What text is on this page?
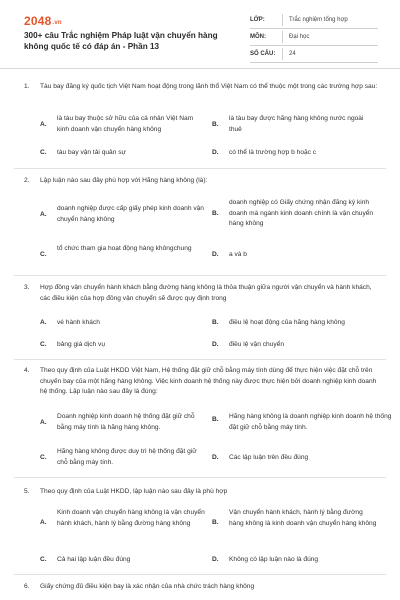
2048.vn
300+ câu Trắc nghiệm Pháp luật vận chuyển hàng không quốc tế có đáp án - Phần 13
LỚP:	Trắc nghiệm tổng hợp
MÔN:	Đại học
SỐ CÂU:	24
1. Tàu bay đăng ký quốc tịch Việt Nam hoạt động trong lãnh thổ Việt Nam có thể thuộc một trong các trường hợp sau:
A.
là tàu bay thuộc sở hữu của cá nhân Việt Nam kinh doanh vận chuyển hàng không
B.
là tàu bay được hãng hàng không nước ngoài thuê
C. tàu bay vận tải quân sự	D. có thể là trường hợp b hoặc c
2. Lập luận nào sau đây phù hợp với Hãng hàng không (là):
A.
doanh nghiệp được cấp giấy phép kinh doanh vận chuyển hàng không
B.
doanh nghiệp có Giấy chứng nhận đăng ký kinh doanh mà ngành kinh doanh chính là vận chuyển hàng không
C.
tổ chức tham gia hoạt động hàng khôngchung
D. a và b
3. Hợp đồng vận chuyển hành khách bằng đường hàng không là thỏa thuận giữa người vận chuyển và hành khách, các điều kiện của hợp đồng vận chuyển sẽ được quy định trong
A. vé hành khách	B. điều lệ hoạt động của hãng hàng không
C. bảng giá dịch vụ	D. điều lệ vận chuyển
4. Theo quy định của Luật HKDD Việt Nam, Hệ thống đặt giữ chỗ bằng máy tính dùng để thực hiện việc đặt chỗ trên chuyến bay của một hãng hàng không. Việc kinh doanh hệ thống này được thực hiện bởi doanh nghiệp kinh doanh hệ thống. Lập luận nào sau đây là đúng:
A.
Doanh nghiệp kinh doanh hệ thống đặt giữ chỗ bằng máy tính là hãng hàng không.
B. Hãng hàng không là doanh nghiệp kinh doanh hệ thống đặt giữ chỗ bằng máy tính.
C.
Hãng hàng không được duy trì hệ thống đặt giữ chỗ bằng máy tính.
D. Các lập luận trên đều đúng
5. Theo quy định của Luật HKDD, lập luận nào sau đây là phù hợp
A.
Kinh doanh vận chuyển hàng không là vận chuyển hành khách, hành lý bằng đường hàng không	B.
Vận chuyển hành khách, hành lý bằng đường hàng không là kinh doanh vận chuyển hàng không
C. Cả hai lập luận đều đúng	D. Không có lập luận nào là đúng
6. Giấy chứng đủ điều kiện bay là xác nhận của nhà chức trách hàng không
